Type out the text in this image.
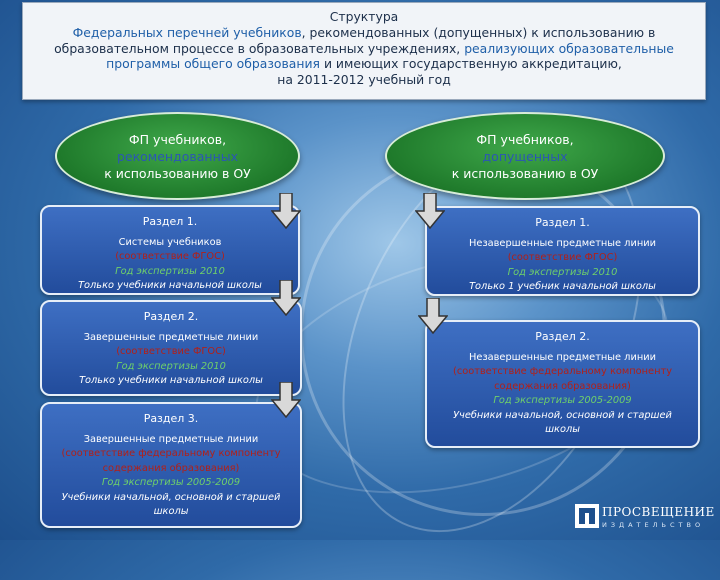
Структура
Федеральных перечней учебников, рекомендованных (допущенных) к использованию в
образовательном процессе в образовательных учреждениях, реализующих образовательные
программы общего образования и имеющих государственную аккредитацию,
на 2011-2012 учебный год
ФП учебников,
рекомендованных
к использованию в ОУ
ФП учебников,
допущенных
к использованию в ОУ
Раздел 1.
Системы учебников
(соответствие ФГОС)
Год экспертизы 2010
Только учебники начальной школы
Раздел 2.
Завершенные предметные линии
(соответствие ФГОС)
Год экспертизы 2010
Только учебники начальной школы
Раздел 3.
Завершенные предметные линии
(соответствие федеральному компоненту
содержания образования)
Год экспертизы 2005-2009
Учебники начальной, основной и старшей
школы
Раздел 1.
Незавершенные предметные линии
(соответствие ФГОС)
Год экспертизы 2010
Только 1 учебник начальной школы
Раздел 2.
Незавершенные предметные линии
(соответствие федеральному компоненту
содержания образования)
Год экспертизы 2005-2009
Учебники начальной, основной и старшей
школы
ПРОСВЕЩЕНИЕ
ИЗДАТЕЛЬСТВО
